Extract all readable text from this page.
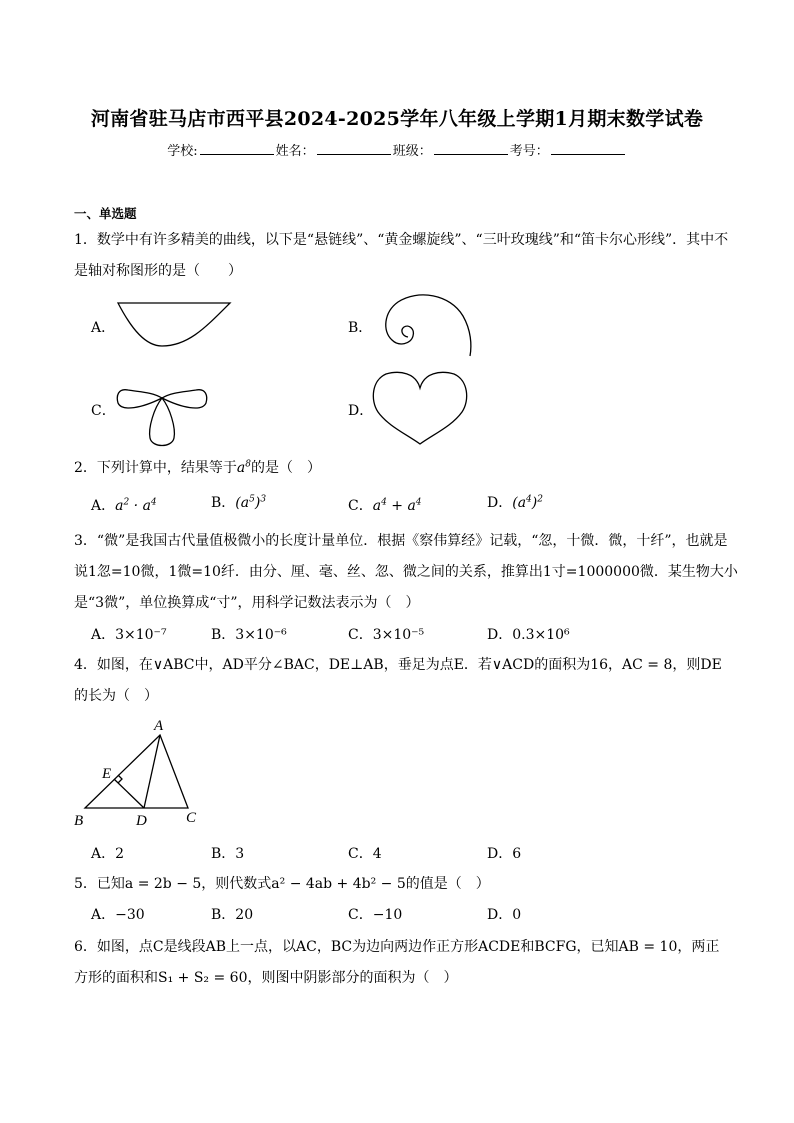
河南省驻马店市西平县2024-2025学年八年级上学期1月期末数学试卷
学校:	姓名：	班级：	考号：
一、单选题
1．数学中有许多精美的曲线，以下是“悬链线”、“黄金螺旋线”、“三叶玫瑰线”和“笛卡尔心形线”．其中不
是轴对称图形的是（　　）
A．	B．
C．	D．
2．下列计算中，结果等于$a^8$的是（　）
A．$a^2 \cdot a^4$	B．$(a^5)^3$	C．$a^4 + a^4$	D．$(a^4)^2$
3．“微”是我国古代量值极微小的长度计量单位．根据《察伟算经》记载，“忽，十微．微，十纤”，也就是
说1忽=10微，1微=10纤．由分、厘、毫、丝、忽、微之间的关系，推算出1寸=1000000微．某生物大小
是“3微”，单位换算成“寸”，用科学记数法表示为（　）
A．3×10⁻⁷	B．3×10⁻⁶	C．3×10⁻⁵	D．0.3×10⁶
4．如图，在∨ABC中，AD平分∠BAC，DE⊥AB，垂足为点E．若∨ACD的面积为16，AC = 8，则DE
的长为（　）
A
E
B	D	C
A．2	B．3	C．4	D．6
5．已知a = 2b − 5，则代数式a² − 4ab + 4b² − 5的值是（　）
A．−30	B．20	C．−10	D．0
6．如图，点C是线段AB上一点，以AC，BC为边向两边作正方形ACDE和BCFG，已知AB = 10，两正
方形的面积和S₁ + S₂ = 60，则图中阴影部分的面积为（　）
